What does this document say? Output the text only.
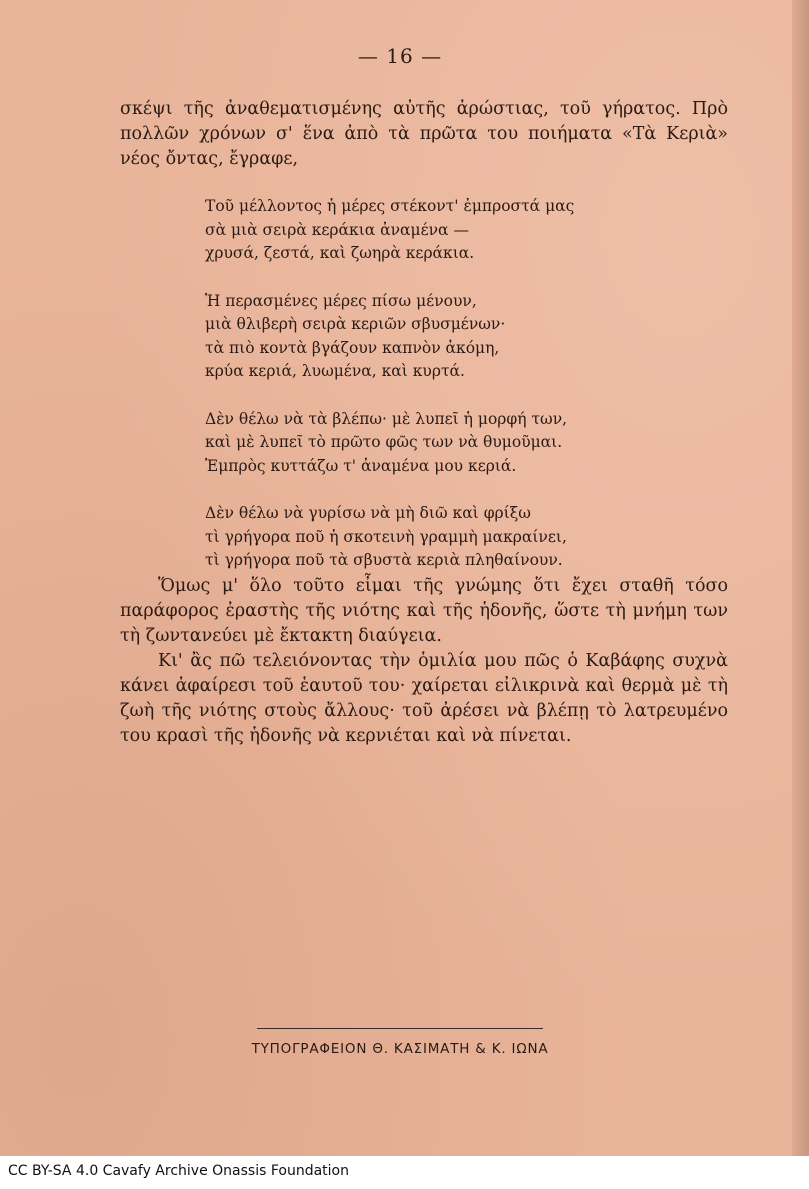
— 16 —

σκέψι τῆς ἀναθεματισμένης αὐτῆς ἀρώστιας, τοῦ γήρατος. Πρὸ

πολλῶν χρόνων σ' ἕνα ἀπὸ τὰ πρῶτα του ποιήματα «Τὰ Κεριὰ»

νέος ὄντας, ἔγραφε,

Τοῦ μέλλοντος ἡ μέρες στέκοντ' ἐμπροστά μας
σὰ μιὰ σειρὰ κεράκια ἀναμένα —
χρυσά, ζεστά, καὶ ζωηρὰ κεράκια.
Ἡ περασμένες μέρες πίσω μένουν,
μιὰ θλιβερὴ σειρὰ κεριῶν σβυσμένων·
τὰ πιὸ κοντὰ βγάζουν καπνὸν ἀκόμη,
κρύα κεριά, λυωμένα, καὶ κυρτά.
Δὲν θέλω νὰ τὰ βλέπω· μὲ λυπεῖ ἡ μορφή των,
καὶ μὲ λυπεῖ τὸ πρῶτο φῶς των νὰ θυμοῦμαι.
Ἐμπρὸς κυττάζω τ' ἀναμένα μου κεριά.
Δὲν θέλω νὰ γυρίσω νὰ μὴ διῶ καὶ φρίξω
τὶ γρήγορα ποῦ ἡ σκοτεινὴ γραμμὴ μακραίνει,
τὶ γρήγορα ποῦ τὰ σβυστὰ κεριὰ πληθαίνουν.

Ὅμως μ' ὅλο τοῦτο εἶμαι τῆς γνώμης ὅτι ἔχει σταθῆ τόσο παράφορος ἐραστὴς τῆς νιότης καὶ τῆς ἡδονῆς, ὥστε τὴ μνήμη των τὴ ζωντανεύει μὲ ἔκτακτη διαύγεια.

Κι' ἂς πῶ τελειόνοντας τὴν ὁμιλία μου πῶς ὁ Καβάφης συχνὰ κάνει ἀφαίρεσι τοῦ ἑαυτοῦ του· χαίρεται εἰλικρινὰ καὶ θερμὰ μὲ τὴ ζωὴ τῆς νιότης στοὺς ἄλλους· τοῦ ἀρέσει νὰ βλέπῃ τὸ λατρευμένο του κρασὶ τῆς ἡδονῆς νὰ κερνιέται καὶ νὰ πίνεται.

ΤΥΠΟΓΡΑΦΕΙΟΝ Θ. ΚΑΣΙΜΑΤΗ & Κ. ΙΩΝΑ
CC BY-SA 4.0 Cavafy Archive Onassis Foundation
